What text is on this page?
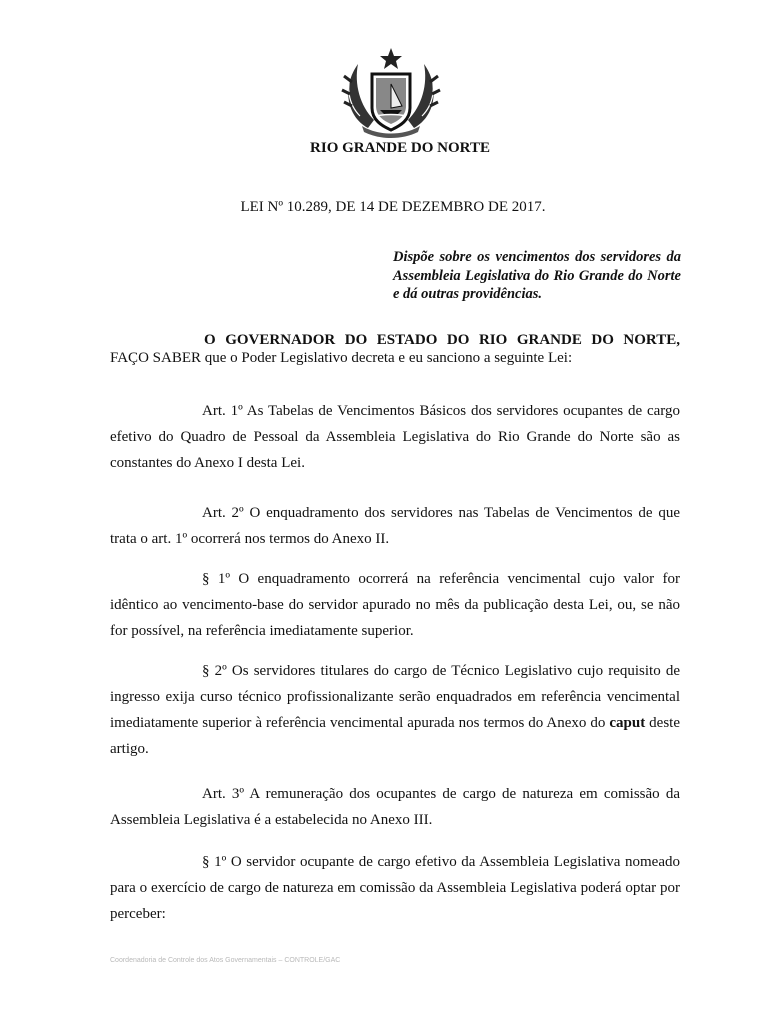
RIO GRANDE DO NORTE
LEI Nº 10.289, DE 14 DE DEZEMBRO DE 2017.
Dispõe sobre os vencimentos dos servidores da Assembleia Legislativa do Rio Grande do Norte e dá outras providências.
O GOVERNADOR DO ESTADO DO RIO GRANDE DO NORTE,
FAÇO SABER que o Poder Legislativo decreta e eu sanciono a seguinte Lei:
Art. 1º As Tabelas de Vencimentos Básicos dos servidores ocupantes de cargo efetivo do Quadro de Pessoal da Assembleia Legislativa do Rio Grande do Norte são as constantes do Anexo I desta Lei.
Art. 2º O enquadramento dos servidores nas Tabelas de Vencimentos de que trata o art. 1º ocorrerá nos termos do Anexo II.
§ 1º O enquadramento ocorrerá na referência vencimental cujo valor for idêntico ao vencimento-base do servidor apurado no mês da publicação desta Lei, ou, se não for possível, na referência imediatamente superior.
§ 2º Os servidores titulares do cargo de Técnico Legislativo cujo requisito de ingresso exija curso técnico profissionalizante serão enquadrados em referência vencimental imediatamente superior à referência vencimental apurada nos termos do Anexo do caput deste artigo.
Art. 3º A remuneração dos ocupantes de cargo de natureza em comissão da Assembleia Legislativa é a estabelecida no Anexo III.
§ 1º O servidor ocupante de cargo efetivo da Assembleia Legislativa nomeado para o exercício de cargo de natureza em comissão da Assembleia Legislativa poderá optar por perceber:
Coordenadoria de Controle dos Atos Governamentais – CONTROLE/GAC
